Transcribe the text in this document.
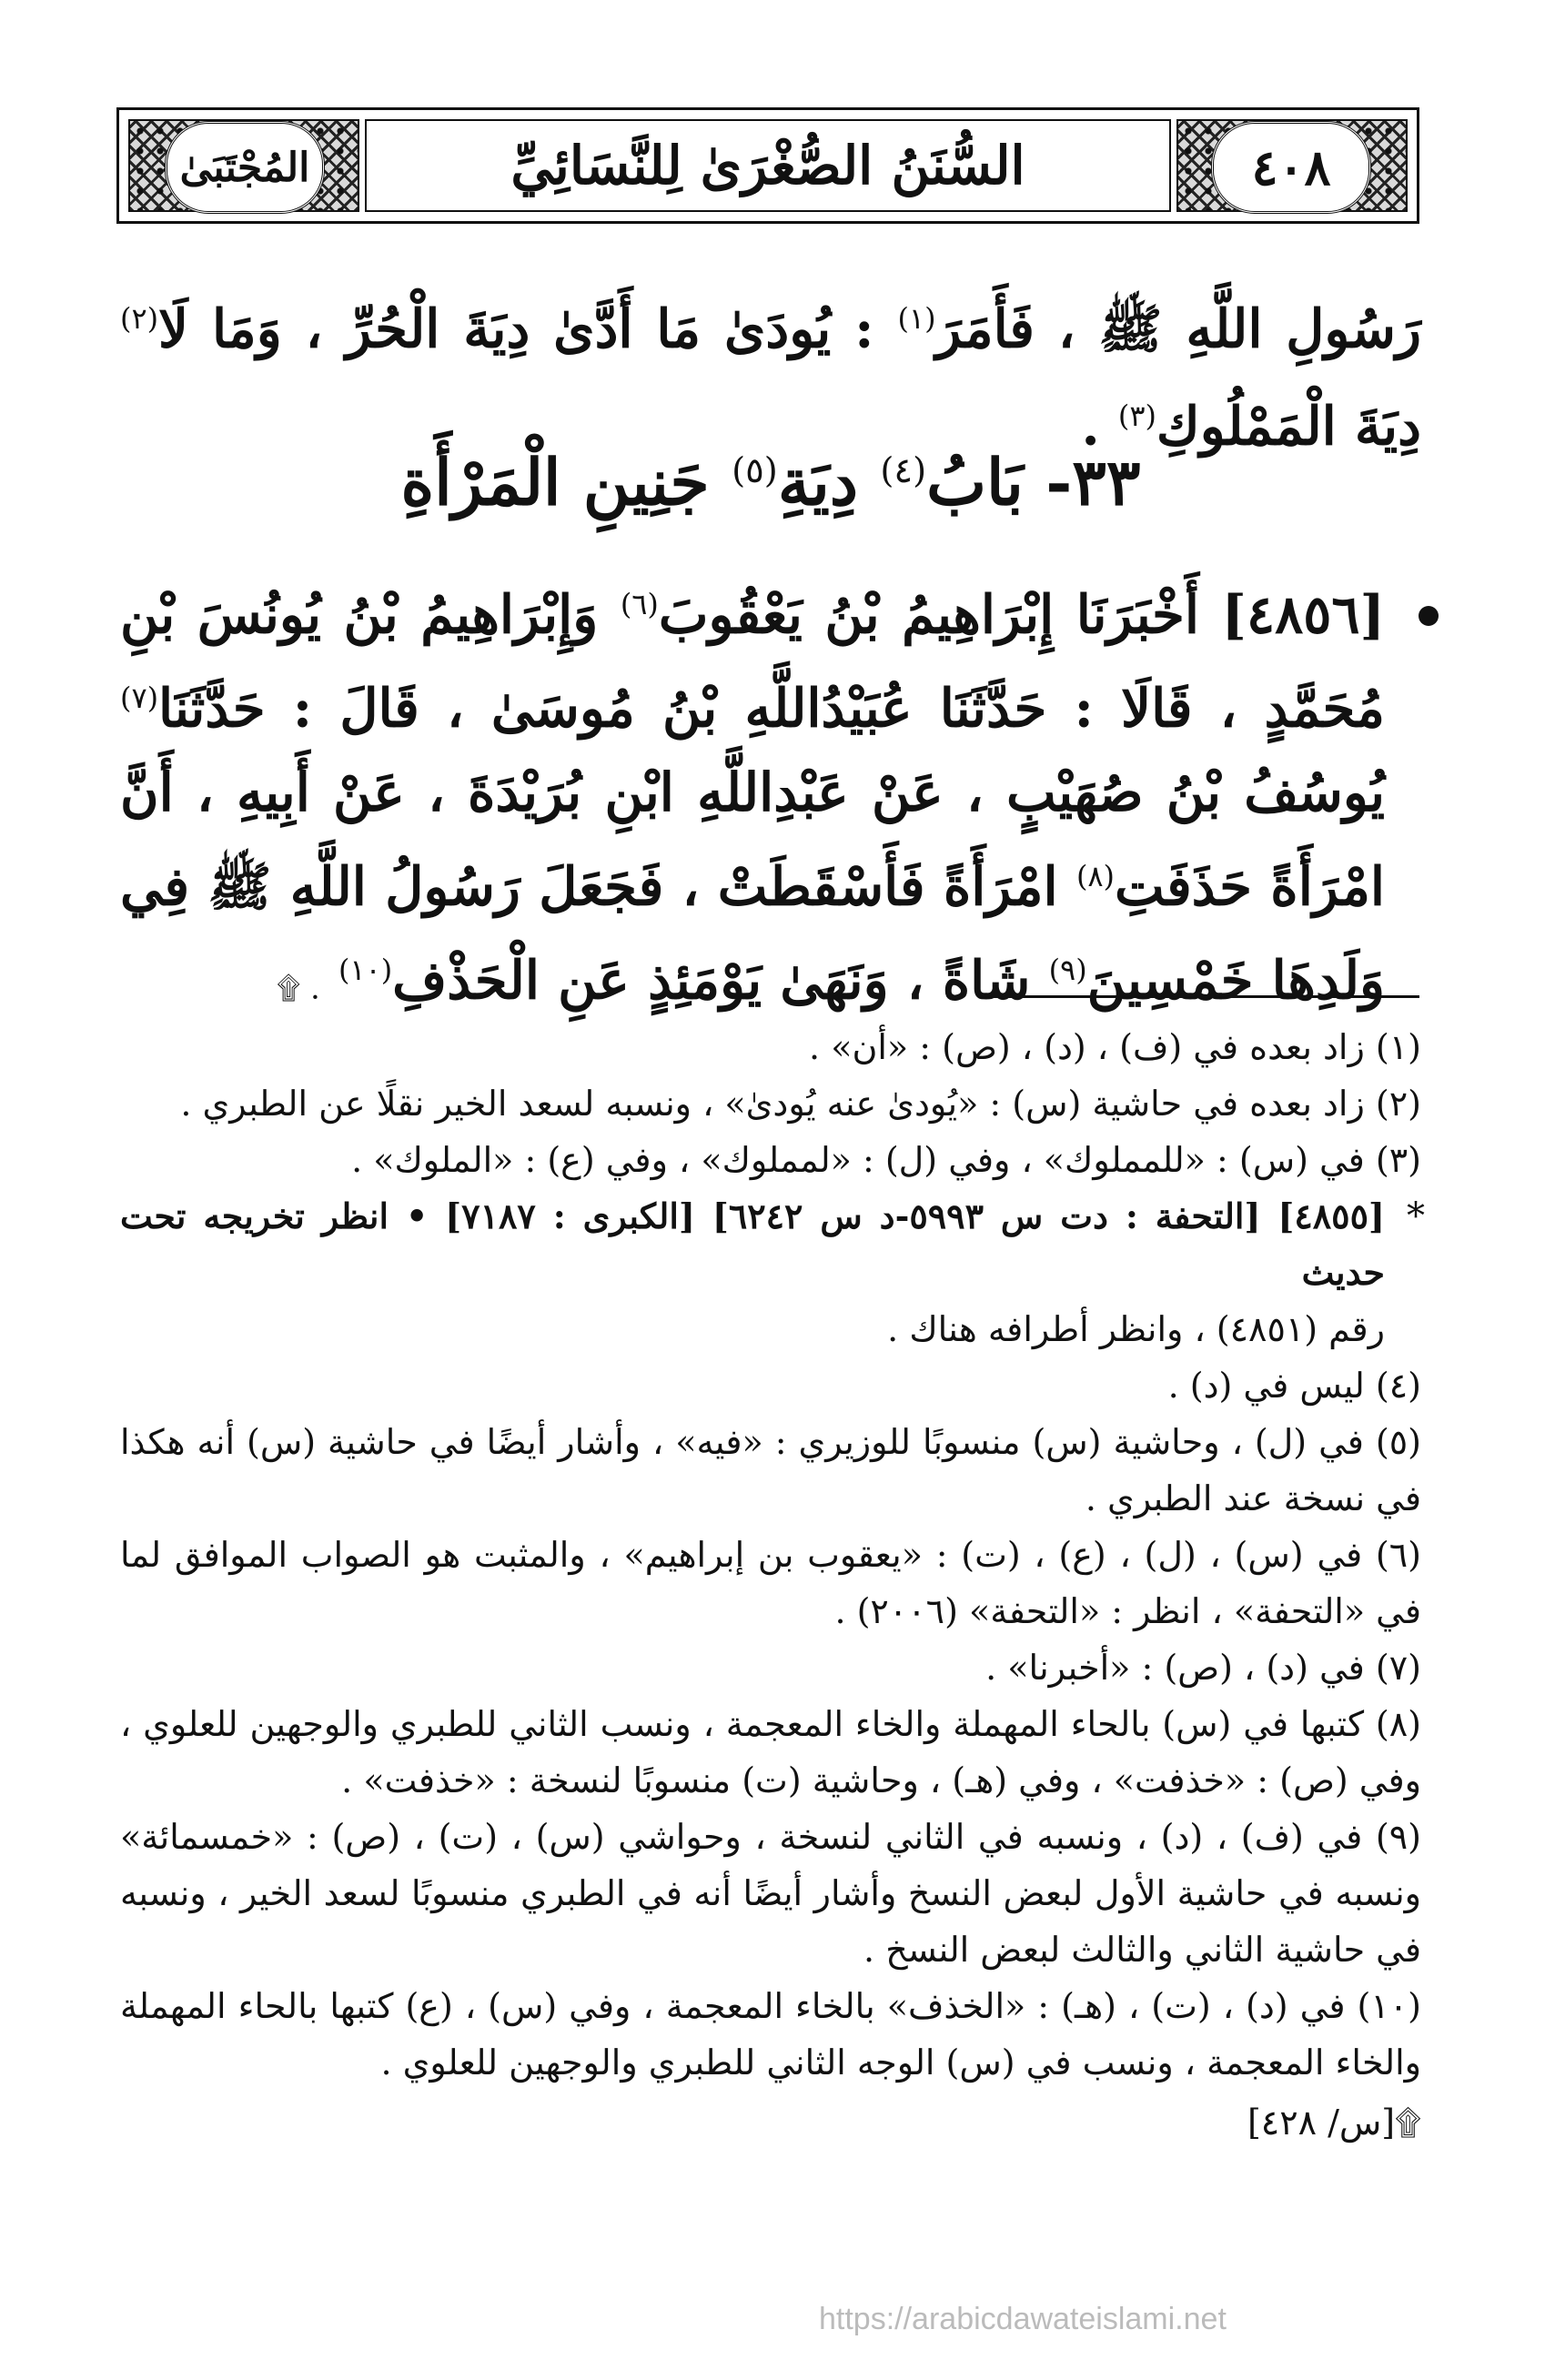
السُّنَنُ الصُّغْرَىٰ لِلنَّسَائِيِّ	٤٠٨
المُجْتَبَىٰ
رَسُولِ اللَّهِ ﷺ ، فَأَمَرَ$^{(١)}$ : يُودَىٰ مَا أَدَّىٰ دِيَةَ الْحُرِّ ، وَمَا لَا$^{(٢)}$ دِيَةَ الْمَمْلُوكِ$^{(٣)}$ .
٣٣- بَابُ$^{(٤)}$ دِيَةِ$^{(٥)}$ جَنِينِ الْمَرْأَةِ
[٤٨٥٦] أَخْبَرَنَا إِبْرَاهِيمُ بْنُ يَعْقُوبَ$^{(٦)}$ وَإِبْرَاهِيمُ بْنُ يُونُسَ بْنِ مُحَمَّدٍ ، قَالَا : حَدَّثَنَا عُبَيْدُاللَّهِ بْنُ مُوسَىٰ ، قَالَ : حَدَّثَنَا$^{(٧)}$ يُوسُفُ بْنُ صُهَيْبٍ ، عَنْ عَبْدِاللَّهِ ابْنِ بُرَيْدَةَ ، عَنْ أَبِيهِ ، أَنَّ امْرَأَةً حَذَفَتِ$^{(٨)}$ امْرَأَةً فَأَسْقَطَتْ ، فَجَعَلَ رَسُولُ اللَّهِ ﷺ فِي وَلَدِهَا خَمْسِينَ$^{(٩)}$ شَاةً ، وَنَهَىٰ يَوْمَئِذٍ عَنِ الْحَذْفِ$^{(١٠)}$ . ۩

(١) زاد بعده في (ف) ، (د) ، (ص) : «أن» .

(٢) زاد بعده في حاشية (س) : «يُودىٰ عنه يُودىٰ» ، ونسبه لسعد الخير نقلًا عن الطبري .

(٣) في (س) : «للمملوك» ، وفي (ل) : «لمملوك» ، وفي (ع) : «الملوك» .

*

[٤٨٥٥] [التحفة : دت س ٥٩٩٣-د س ٦٢٤٢] [الكبرى : ٧١٨٧] • انظر تخريجه تحت حديث

رقم (٤٨٥١) ، وانظر أطرافه هناك .

(٤) ليس في (د) .

(٥) في (ل) ، وحاشية (س) منسوبًا للوزيري : «فيه» ، وأشار أيضًا في حاشية (س) أنه هكذا في نسخة عند الطبري .

(٦) في (س) ، (ل) ، (ع) ، (ت) : «يعقوب بن إبراهيم» ، والمثبت هو الصواب الموافق لما في «التحفة» ، انظر : «التحفة» (٢٠٠٦) .

(٧) في (د) ، (ص) : «أخبرنا» .

(٨) كتبها في (س) بالحاء المهملة والخاء المعجمة ، ونسب الثاني للطبري والوجهين للعلوي ، وفي (ص) : «خذفت» ، وفي (هـ) ، وحاشية (ت) منسوبًا لنسخة : «خذفت» .

(٩) في (ف) ، (د) ، ونسبه في الثاني لنسخة ، وحواشي (س) ، (ت) ، (ص) : «خمسمائة» ونسبه في حاشية الأول لبعض النسخ وأشار أيضًا أنه في الطبري منسوبًا لسعد الخير ، ونسبه في حاشية الثاني والثالث لبعض النسخ .

(١٠) في (د) ، (ت) ، (هـ) : «الخذف» بالخاء المعجمة ، وفي (س) ، (ع) كتبها بالحاء المهملة والخاء المعجمة ، ونسب في (س) الوجه الثاني للطبري والوجهين للعلوي .

۩[س/ ٤٢٨]

https://arabicdawateislami.net
